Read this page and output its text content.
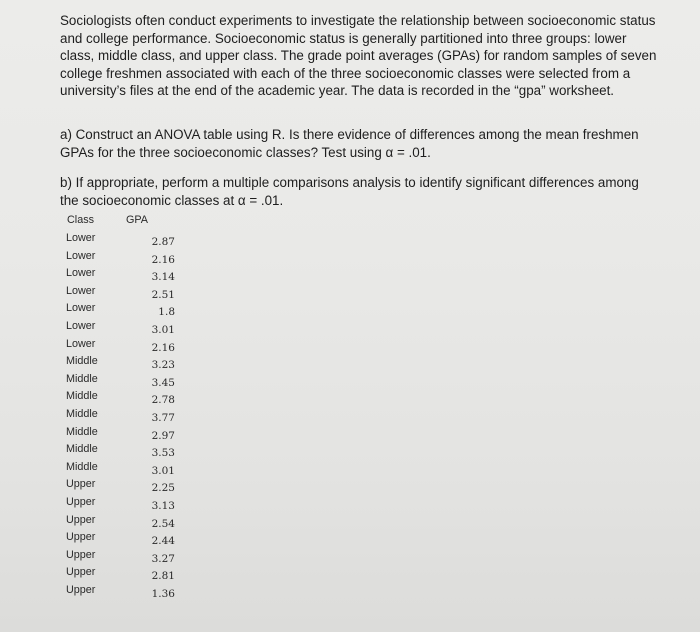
Sociologists often conduct experiments to investigate the relationship between socioeconomic status and college performance. Socioeconomic status is generally partitioned into three groups: lower class, middle class, and upper class. The grade point averages (GPAs) for random samples of seven college freshmen associated with each of the three socioeconomic classes were selected from a university’s files at the end of the academic year. The data is recorded in the “gpa” worksheet.

a) Construct an ANOVA table using R. Is there evidence of differences among the mean freshmen GPAs for the three socioeconomic classes? Test using α = .01.

b) If appropriate, perform a multiple comparisons analysis to identify significant differences among the socioeconomic classes at α = .01.

Class	GPA
Lower	2.87
Lower	2.16
Lower	3.14
Lower	2.51
Lower	1.8
Lower	3.01
Lower	2.16
Middle	3.23
Middle	3.45
Middle	2.78
Middle	3.77
Middle	2.97
Middle	3.53
Middle	3.01
Upper	2.25
Upper	3.13
Upper	2.54
Upper	2.44
Upper	3.27
Upper	2.81
Upper	1.36
